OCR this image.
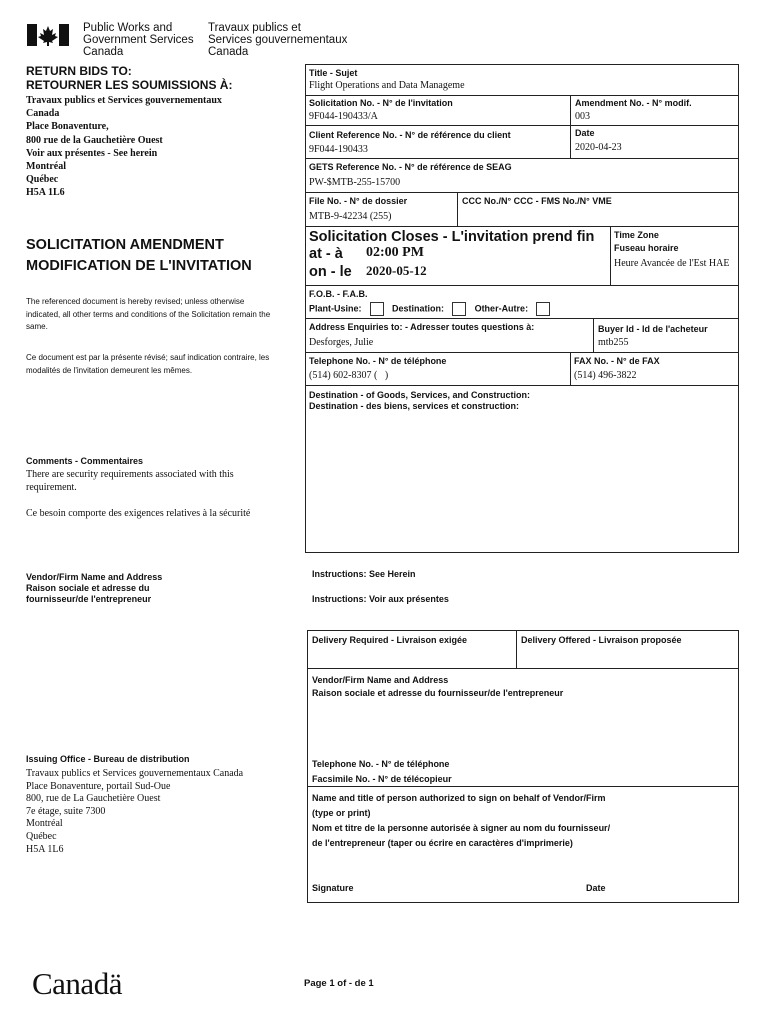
Public Works and
Government Services
Canada
Travaux publics et
Services gouvernementaux
Canada
RETURN BIDS TO:
RETOURNER LES SOUMISSIONS À:
Travaux publics et Services gouvernementaux
Canada
Place Bonaventure,
800 rue de la Gauchetière Ouest
Voir aux présentes - See herein
Montréal
Québec
H5A 1L6
SOLICITATION AMENDMENT
MODIFICATION DE L'INVITATION
The referenced document is hereby revised; unless otherwise indicated, all other terms and conditions of the Solicitation remain the same.
Ce document est par la présente révisé; sauf indication contraire, les modalités de l'invitation demeurent les mêmes.
Comments - Commentaires
There are security requirements associated with this requirement.
Ce besoin comporte des exigences relatives à la sécurité
Vendor/Firm Name and Address
Raison sociale et adresse du
fournisseur/de l'entrepreneur
Issuing Office - Bureau de distribution
Travaux publics et Services gouvernementaux Canada
Place Bonaventure, portail Sud-Oue
800, rue de La Gauchetière Ouest
7e étage, suite 7300
Montréal
Québec
H5A 1L6
Title - Sujet
Flight Operations and Data Manageme
Solicitation No. - N° de l'invitation
9F044-190433/A
Amendment No. - N° modif.
003
Client Reference No. - N° de référence du client
9F044-190433
Date
2020-04-23
GETS Reference No. - N° de référence de SEAG
PW-$MTB-255-15700
File No. - N° de dossier
MTB-9-42234 (255)
CCC No./N° CCC - FMS No./N° VME
Solicitation Closes - L'invitation prend fin
at - à 02:00 PM
on - le 2020-05-12
Time Zone
Fuseau horaire
Heure Avancée de l'Est HAE
F.O.B. - F.A.B.
Plant-Usine:	Destination:	Other-Autre:
Address Enquiries to: - Adresser toutes questions à:
Desforges, Julie
Buyer Id - Id de l'acheteur
mtb255
Telephone No. - N° de téléphone
(514) 602-8307 (   )
FAX No. - N° de FAX
(514) 496-3822
Destination - of Goods, Services, and Construction:
Destination - des biens, services et construction:
Instructions: See Herein
Instructions: Voir aux présentes
Delivery Required - Livraison exigée	Delivery Offered - Livraison proposée
Vendor/Firm Name and Address
Raison sociale et adresse du fournisseur/de l'entrepreneur
Telephone No. - N° de téléphone
Facsimile No. - N° de télécopieur
Name and title of person authorized to sign on behalf of Vendor/Firm
(type or print)
Nom et titre de la personne autorisée à signer au nom du fournisseur/
de l'entrepreneur (taper ou écrire en caractères d'imprimerie)
Signature	Date
Canadä	Page 1 of - de 1
